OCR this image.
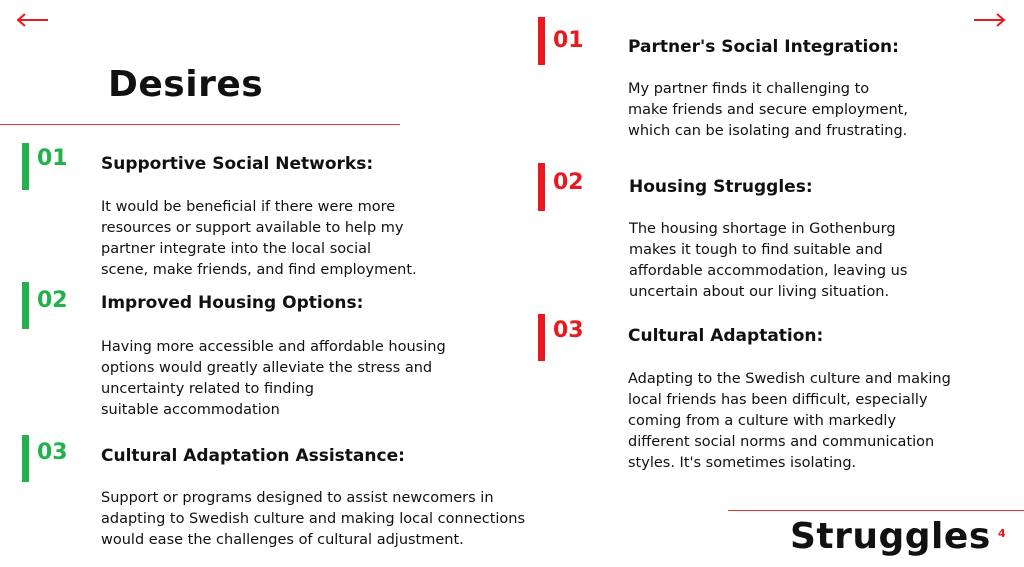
Desires
01 Supportive Social Networks:
It would be beneficial if there were more
resources or support available to help my
partner integrate into the local social
scene, make friends, and find employment.
02 Improved Housing Options:
Having more accessible and affordable housing
options would greatly alleviate the stress and
uncertainty related to finding
suitable accommodation
03 Cultural Adaptation Assistance:
Support or programs designed to assist newcomers in
adapting to Swedish culture and making local connections
would ease the challenges of cultural adjustment.
01	Partner's Social Integration:
My partner finds it challenging to
make friends and secure employment,
which can be isolating and frustrating.
02	Housing Struggles:
The housing shortage in Gothenburg
makes it tough to find suitable and
affordable accommodation, leaving us
uncertain about our living situation.
03	Cultural Adaptation:
Adapting to the Swedish culture and making
local friends has been difficult, especially
coming from a culture with markedly
different social norms and communication
styles. It's sometimes isolating.
Struggles 4
